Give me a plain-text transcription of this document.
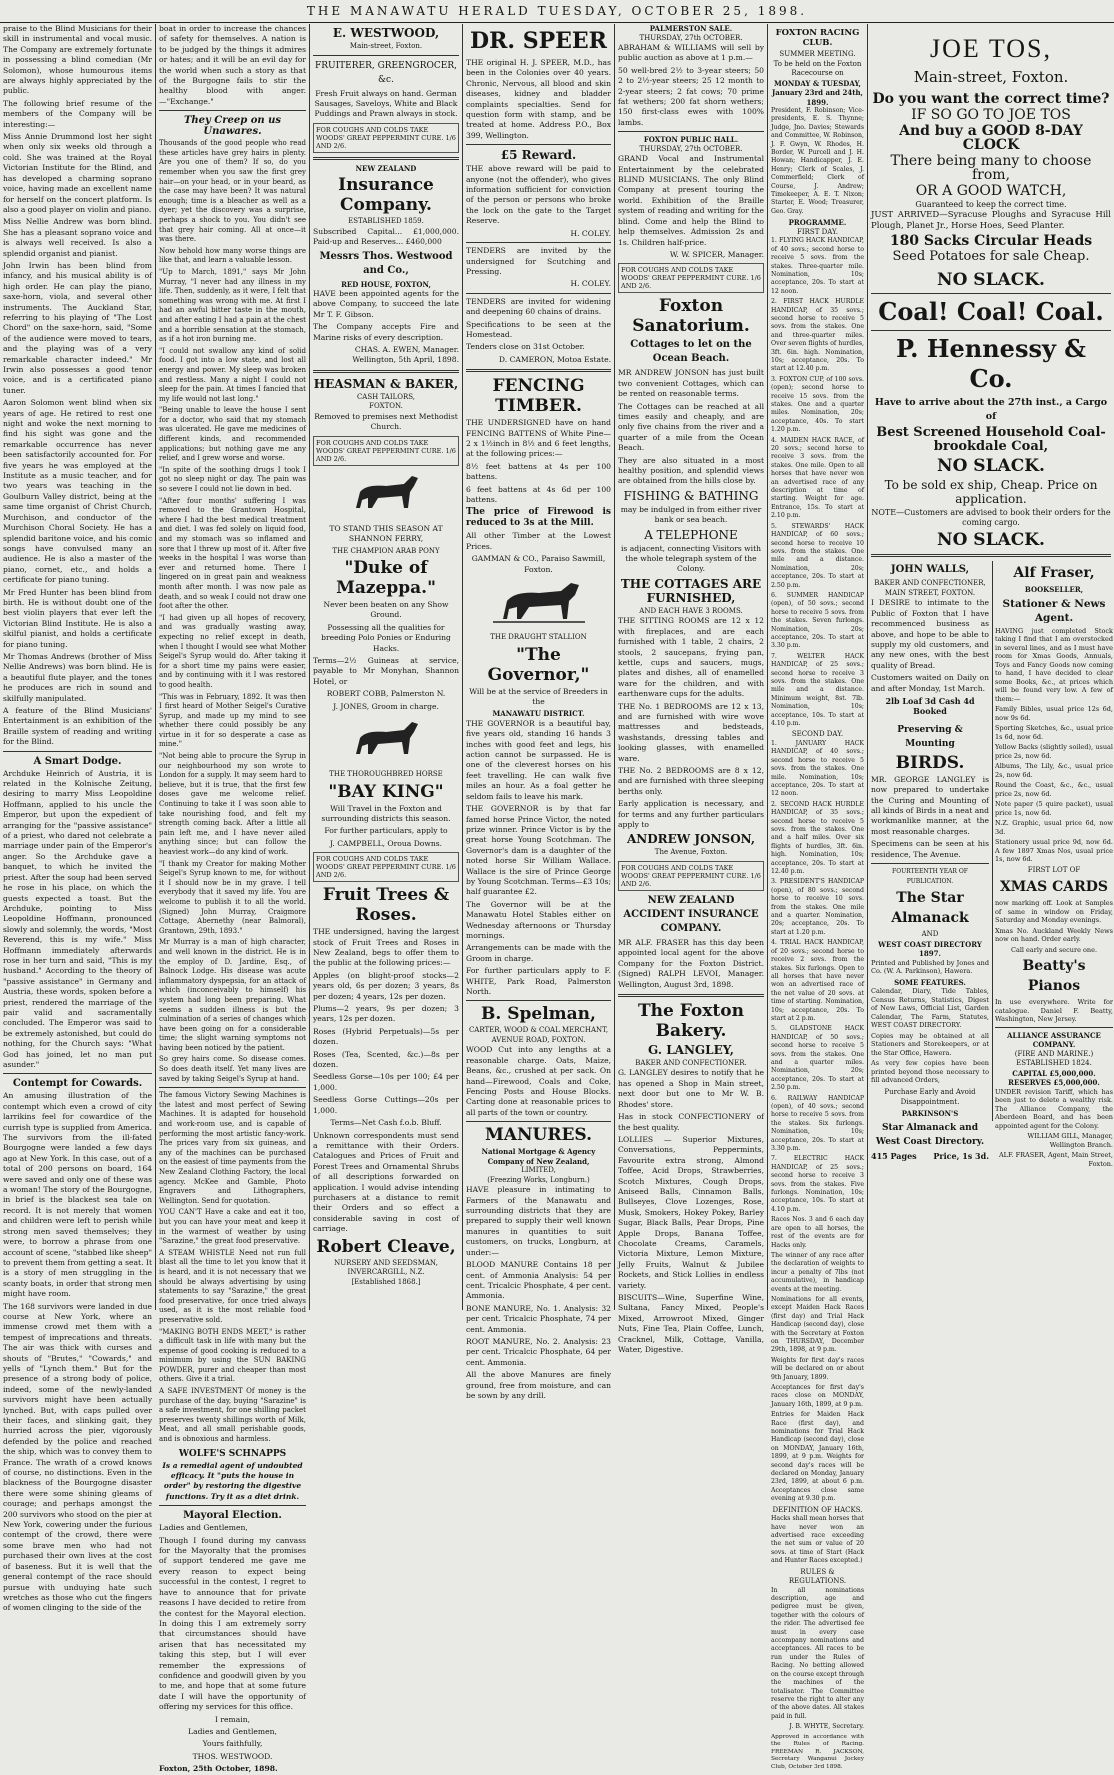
THE MANAWATU HERALD TUESDAY, OCTOBER 25, 1898.

praise to the Blind Musicians for their skill in instrumental and vocal music. The Company are extremely fortunate in possessing a blind comedian (Mr Solomon), whose humourous items are always highly appreciated by the public.

The following brief resume of the members of the Company will be interesting:—

Miss Annie Drummond lost her sight when only six weeks old through a cold. She was trained at the Royal Victorian Institute for the Blind, and has developed a charming soprano voice, having made an excellent name for herself on the concert platform. Is also a good player on violin and piano.

Miss Nellie Andrew was born blind. She has a pleasant soprano voice and is always well received. Is also a splendid organist and pianist.

John Irwin has been blind from infancy, and his musical ability is of high order. He can play the piano, saxe-horn, viola, and several other instruments. The Auckland Star, referring to his playing of "The Lost Chord" on the saxe-horn, said, "Some of the audience were moved to tears, and the playing was of a very remarkable character indeed." Mr Irwin also possesses a good tenor voice, and is a certificated piano tuner.

Aaron Solomon went blind when six years of age. He retired to rest one night and woke the next morning to find his sight was gone and the remarkable occurrence has never been satisfactorily accounted for. For five years he was employed at the Institute as a music teacher, and for two years was teaching in the Goulburn Valley district, being at the same time organist of Christ Church, Murchison, and conductor of the Murchison Choral Society. He has a splendid baritone voice, and his comic songs have convulsed many an audience. He is also a master of the piano, cornet, etc., and holds a certificate for piano tuning.

Mr Fred Hunter has been blind from birth. He is without doubt one of the best violin players that ever left the Victorian Blind Institute. He is also a skilful pianist, and holds a certificate for piano tuning.

Mr Thomas Andrews (brother of Miss Nellie Andrews) was born blind. He is a beautiful flute player, and the tones he produces are rich in sound and skilfully manipulated.

A feature of the Blind Musicians' Entertainment is an exhibition of the Braille system of reading and writing for the Blind.

A Smart Dodge.

Archduke Heinrich of Austria, it is related in the Kolnische Zeitung, desiring to marry Miss Leopoldine Hoffmann, applied to his uncle the Emperor, but upon the expedient of arranging for the "passive assistance" of a priest, who dared not celebrate a marriage under pain of the Emperor's anger. So the Archduke gave a banquet, to which he invited the priest. After the soup had been served he rose in his place, on which the guests expected a toast. But the Archduke, pointing to Miss Leopoldine Hoffmann, pronounced slowly and solemnly, the words, "Most Reverend, this is my wife." Miss Hoffmann immediately afterwards rose in her turn and said, "This is my husband." According to the theory of "passive assistance" in Germany and Austria, these words, spoken before a priest, rendered the marriage of the pair valid and sacramentally concluded. The Emperor was said to be extremely astonished, but could do nothing, for the Church says: "What God has joined, let no man put asunder."

Contempt for Cowards.

An amusing illustration of the contempt which even a crowd of city larrikins feel for cowardice of the currish type is supplied from America. The survivors from the ill-fated Bourgogne were landed a few days ago at New York. In this case, out of a total of 200 persons on board, 164 were saved and only one of these was a woman! The story of the Bourgogne, in brief is the blackest sea tale on record. It is not merely that women and children were left to perish while strong men saved themselves; they were, to borrow a phrase from one account of scene, "stabbed like sheep" to prevent them from getting a seat. It is a story of men struggling in the scanty boats, in order that strong men might have room.

The 168 survivors were landed in due course at New York, where an immense crowd met them with a tempest of imprecations and threats. The air was thick with curses and shouts of "Brutes," "Cowards," and yells of "Lynch them." But for the presence of a strong body of police, indeed, some of the newly-landed survivors might have been actually lynched. But, with caps pulled over their faces, and slinking gait, they hurried across the pier, vigorously defended by the police and reached the ship, which was to convey them to France. The wrath of a crowd knows of course, no distinctions. Even in the blackness of the Bourgogne disaster there were some shining gleams of courage; and perhaps amongst the 200 survivors who stood on the pier at New York, cowering under the furious contempt of the crowd, there were some brave men who had not purchased their own lives at the cost of baseness. But it is well that the general contempt of the race should pursue with unduying hate such wretches as those who cut the fingers of women clinging to the side of the

boat in order to increase the chances of safety for themselves. A nation is to be judged by the things it admires or hates; and it will be an evil day for the world when such a story as that of the Burgogne fails to stir the healthy blood with anger.—"Exchange."

They Creep on us Unawares.

Thousands of the good people who read these articles have grey hairs in plenty. Are you one of them? If so, do you remember when you saw the first grey hair—on your head, or in your beard, as the case may have been? It was natural enough; time is a bleacher as well as a dyer; yet the discovery was a surprise, perhaps a shock to you. You didn't see that grey hair coming. All at once—it was there.

Now behold how many worse things are like that, and learn a valuable lesson.

"Up to March, 1891," says Mr John Murray, "I never had any illness in my life. Then, suddenly, as it were, I felt that something was wrong with me. At first I had an awful bitter taste in the mouth, and after eating I had a pain at the chest and a horrible sensation at the stomach, as if a hot iron burning me.

"I could not swallow any kind of solid food. I got into a low state, and lost all energy and power. My sleep was broken and restless. Many a night I could not sleep for the pain. At times I fancied that my life would not last long."

"Being unable to leave the house I sent for a doctor, who said that my stomach was ulcerated. He gave me medicines of different kinds, and recommended applications; but nothing gave me any relief, and I grew worse and worse.

"In spite of the soothing drugs I took I got no sleep night or day. The pain was so severe I could not lie down in bed.

"After four months' suffering I was removed to the Grantown Hospital, where I had the best medical treatment and diet. I was fed solely on liquid food, and my stomach was so inflamed and sore that I threw up most of it. After five weeks in the hospital I was worse than ever and returned home. There I lingered on in great pain and weakness month after month. I was now pale as death, and so weak I could not draw one foot after the other.

"I had given up all hopes of recovery, and was gradually wasting away, expecting no relief except in death, when I thought I would see what Mother Seigel's Syrup would do. After taking it for a short time my pains were easier, and by continuing with it I was restored to good health.

"This was in February, 1892. It was then I first heard of Mother Seigel's Curative Syrup, and made up my mind to see whether there could possibly be any virtue in it for so desperate a case as mine."

"Not being able to procure the Syrup in our neighbourhood my son wrote to London for a supply. It may seem hard to believe, but it is true, that the first few doses gave me welcome relief. Continuing to take it I was soon able to take nourishing food, and felt my strength coming back. After a little all pain left me, and I have never ailed anything since; but can follow the heaviest work—do any kind of work.

"I thank my Creator for making Mother Seigel's Syrup known to me, for without it I should now be in my grave. I tell everybody that it saved my life. You are welcome to publish it to all the world. (Signed) John Murray, Craigmore Cottage, Abernethy (near Balmoral), Grantown, 29th, 1893."

Mr Murray is a man of high character, and well known in the district. He is in the employ of D. Jardine, Esq., of Balnock Lodge. His disease was acute inflammatory dyspepsia, for an attack of which (inconceivably to himself) his system had long been preparing. What seems a sudden illness is but the culmination of a series of changes which have been going on for a considerable time; the slight warning symptoms not having been noticed by the patient.

So grey hairs come. So disease comes. So does death itself. Yet many lives are saved by taking Seigel's Syrup at hand.

The famous Victory Sewing Machines is the latest and most perfect of Sewing Machines. It is adapted for household and work-room use, and is capable of performing the most artistic fancy-work. The prices vary from six guineas, and any of the machines can be purchased on the easiest of time payments from the New Zealand Clothing Factory, the local agency. McKee and Gamble, Photo Engravers and Lithographers, Wellington. Send for quotation.

YOU CAN'T Have a cake and eat it too, but you can have your meat and keep it in the warmest of weather by using "Sarazine," the great food preservative.

A STEAM WHISTLE Need not run full blast all the time to let you know that it is heard, and it is not necessary that we should be always advertising by using statements to say "Sarazine," the great food preservative, for once tried always used, as it is the most reliable food preservative sold.

"MAKING BOTH ENDS MEET," is rather a difficult task in life with many but the expense of good cooking is reduced to a minimum by using the SUN BAKING POWDER, purer and cheaper than most others. Give it a trial.

A SAFE INVESTMENT Of money is the purchase of the day, buying "Sarazine" is a safe investment, for one shilling packet preserves twenty shillings worth of Milk, Meat, and all small perishable goods, and is obnoxious and harmless.

WOLFE'S SCHNAPPS

Is a remedial agent of undoubted efficacy. It "puts the house in order" by restoring the digestive functions. Try it as a diet drink.

Mayoral Election.

Ladies and Gentlemen,

Though I found during my canvass for the Mayoralty that the promises of support tendered me gave me every reason to expect being successful in the contest, I regret to have to announce that for private reasons I have decided to retire from the contest for the Mayoral election. In doing this I am extremely sorry that circumstances should have arisen that has necessitated my taking this step, but I will ever remember the expressions of confidence and goodwill given by you to me, and hope that at some future date I will have the opportunity of offering my services for this office.

I remain,

Ladies and Gentlemen,

Yours faithfully,

THOS. WESTWOOD.

Foxton, 25th October, 1898.

E. WESTWOOD,
Main-street, Foxton.
FRUITERER, GREENGROCER, &c.

Fresh Fruit always on hand. German Sausages, Saveloys, White and Black Puddings and Prawn always in stock.

FOR COUGHS AND COLDS TAKE WOODS' GREAT PEPPERMINT CURE. 1/6 AND 2/6.
NEW ZEALAND
Insurance Company.
ESTABLISHED 1859.

Subscribed Capital... £1,000,000. Paid-up and Reserves... £460,000

Messrs Thos. Westwood and Co.,
RED HOUSE, FOXTON,

HAVE been appointed agents for the above Company, to succeed the late Mr T. F. Gibson.

The Company accepts Fire and Marine risks of every description.

CHAS. A. EWEN, Manager. Wellington, 5th April, 1898.

HEASMAN & BAKER,
CASH TAILORS,
FOXTON.

Removed to premises next Methodist Church.

FOR COUGHS AND COLDS TAKE WOODS' GREAT PEPPERMINT CURE. 1/6 AND 2/6.

TO STAND THIS SEASON AT SHANNON FERRY,

THE CHAMPION ARAB PONY
"Duke of Mazeppa."

Never been beaten on any Show Ground.

Possessing all the qualities for breeding Polo Ponies or Enduring Hacks.

Terms—2½ Guineas at service, payable to Mr Monyhan, Shannon Hotel, or

ROBERT COBB, Palmerston N.

J. JONES, Groom in charge.

THE THOROUGHBRED HORSE
"BAY KING"

Will Travel in the Foxton and surrounding districts this season.

For further particulars, apply to

J. CAMPBELL, Oroua Downs.

FOR COUGHS AND COLDS TAKE WOODS' GREAT PEPPERMINT CURE. 1/6 AND 2/6.
Fruit Trees & Roses.

THE undersigned, having the largest stock of Fruit Trees and Roses in New Zealand, begs to offer them to the public at the following prices:—

Apples (on blight-proof stocks—2 years old, 6s per dozen; 3 years, 8s per dozen; 4 years, 12s per dozen.

Plums—2 years, 9s per dozen; 3 years, 12s per dozen.

Roses (Hybrid Perpetuals)—5s per dozen.

Roses (Tea, Scented, &c.)—8s per dozen.

Seedless Gorse—10s per 100; £4 per 1,000.

Seedless Gorse Cuttings—20s per 1,000.

Terms—Net Cash f.o.b. Bluff.

Unknown correspondents must send a remittance with their Orders. Catalogues and Prices of Fruit and Forest Trees and Ornamental Shrubs of all descriptions forwarded on application. I would advise intending purchasers at a distance to remit their Orders and so effect a considerable saving in cost of carriage.

Robert Cleave,
NURSERY AND SEEDSMAN,
INVERCARGILL, N.Z.
[Established 1868.]
DR. SPEER

THE original H. J. SPEER, M.D., has been in the Colonies over 40 years. Chronic, Nervous, all blood and skin diseases, kidney and bladder complaints specialties. Send for question form with stamp, and be treated at home. Address P.O., Box 399, Wellington.

£5 Reward.

THE above reward will be paid to anyone (not the offender), who gives information sufficient for conviction of the person or persons who broke the lock on the gate to the Target Reserve.

H. COLEY.

TENDERS are invited by the undersigned for Scutching and Pressing.

H. COLEY.

TENDERS are invited for widening and deepening 60 chains of drains.

Specifications to be seen at the Homestead.

Tenders close on 31st October.

D. CAMERON, Motoa Estate.

FENCING TIMBER.

THE UNDERSIGNED have on hand FENCING BATTENS of White Pine—2 x 1½inch in 8½ and 6 feet lengths, at the following prices:—

8½ feet battens at 4s per 100 battens.

6 feet battens at 4s 6d per 100 battens.

The price of Firewood is reduced to 3s at the Mill.

All other Timber at the Lowest Prices.

GAMMAN & CO., Paraiso Sawmill, Foxton.

THE DRAUGHT STALLION
"The Governor,"

Will be at the service of Breeders in the

MANAWATU DISTRICT.

THE GOVERNOR is a beautiful bay, five years old, standing 16 hands 3 inches with good feet and legs, his action cannot be surpassed. He is one of the cleverest horses on his feet travelling. He can walk five miles an hour. As a foal getter he seldom fails to leave his mark.

THE GOVERNOR is by that far famed horse Prince Victor, the noted prize winner. Prince Victor is by the great horse Young Scotchman. The Governor's dam is a daughter of the noted horse Sir William Wallace. Wallace is the sire of Prince George by Young Scotchman. Terms—£3 10s; half guarantee £2.

The Governor will be at the Manawatu Hotel Stables either on Wednesday afternoons or Thursday mornings.

Arrangements can be made with the Groom in charge.

For further particulars apply to F. WHITE, Park Road, Palmerston North.

B. Spelman,
CARTER, WOOD & COAL MERCHANT,
AVENUE ROAD, FOXTON.

WOOD Cut into any lengths at a reasonable charge. Oats, Maize, Beans, &c., crushed at per sack. On hand—Firewood, Coals and Coke, Fencing Posts and House Blocks. Carting done at reasonable prices to all parts of the town or country.

MANURES.
National Mortgage & Agency Company of New Zealand,
LIMITED,
(Freezing Works, Longburn.)

HAVE pleasure in intimating to Farmers of the Manawatu and surrounding districts that they are prepared to supply their well known manures in quantities to suit customers, on trucks, Longburn, at under:—

BLOOD MANURE Contains 18 per cent. of Ammonia Analysis: 54 per cent. Tricalcic Phosphate, 4 per cent. Ammonia.

BONE MANURE, No. 1. Analysis: 32 per cent. Tricalcic Phosphate, 74 per cent. Ammonia.

ROOT MANURE, No. 2. Analysis: 23 per cent. Tricalcic Phosphate, 64 per cent. Ammonia.

All the above Manures are finely ground, free from moisture, and can be sown by any drill.

PALMERSTON SALE.
THURSDAY, 27th OCTOBER.

ABRAHAM & WILLIAMS will sell by public auction as above at 1 p.m.—

50 well-bred 2½ to 3-year steers; 50 2 to 2½-year steers; 25 12 month to 2-year steers; 2 fat cows; 70 prime fat wethers; 200 fat shorn wethers; 150 first-class ewes with 100% lambs.

FOXTON PUBLIC HALL.
THURSDAY, 27th OCTOBER.

GRAND Vocal and Instrumental Entertainment by the celebrated BLIND MUSICIANS. The only Blind Company at present touring the world. Exhibition of the Braille system of reading and writing for the blind. Come and help the Blind to help themselves. Admission 2s and 1s. Children half-price.

W. W. SPICER, Manager.

FOR COUGHS AND COLDS TAKE WOODS' GREAT PEPPERMINT CURE. 1/6 AND 2/6.
Foxton Sanatorium.
Cottages to let on the Ocean Beach.

MR ANDREW JONSON has just built two convenient Cottages, which can be rented on reasonable terms.

The Cottages can be reached at all times easily and cheaply, and are only five chains from the river and a quarter of a mile from the Ocean Beach.

They are also situated in a most healthy position, and splendid views are obtained from the hills close by.

FISHING & BATHING

may be indulged in from either river bank or sea beach.

A TELEPHONE

is adjacent, connecting Visitors with the whole telegraph system of the Colony.

THE COTTAGES ARE FURNISHED,
AND EACH HAVE 3 ROOMS.

THE SITTING ROOMS are 12 x 12 with fireplaces, and are each furnished with 1 table, 2 chairs, 2 stools, 2 saucepans, frying pan, kettle, cups and saucers, mugs, plates and dishes, all of enamelled ware for the children, and with earthenware cups for the adults.

THE No. 1 BEDROOMS are 12 x 13, and are furnished with wire wove mattresses and bedsteads, washstands, dressing tables and looking glasses, with enamelled ware.

THE No. 2 BEDROOMS are 8 x 12, and are furnished with three sleeping berths only.

Early application is necessary, and for terms and any further particulars apply to

ANDREW JONSON,
The Avenue, Foxton.
FOR COUGHS AND COLDS TAKE WOODS' GREAT PEPPERMINT CURE. 1/6 AND 2/6.
NEW ZEALAND ACCIDENT INSURANCE COMPANY.

MR ALF. FRASER has this day been appointed local agent for the above Company for the Foxton District. (Signed) RALPH LEVOI, Manager. Wellington, August 3rd, 1898.

The Foxton Bakery.
G. LANGLEY,
BAKER AND CONFECTIONER.

G. LANGLEY desires to notify that he has opened a Shop in Main street, next door but one to Mr W. B. Rhodes' store.

Has in stock CONFECTIONERY of the best quality.

LOLLIES — Superior Mixtures, Conversations, Peppermints, Favourite extra strong, Almond Toffee, Acid Drops, Strawberries, Scotch Mixtures, Cough Drops, Aniseed Balls, Cinnamon Balls, Bullseyes, Clove Lozenges, Rose, Musk, Smokers, Hokey Pokey, Barley Sugar, Black Balls, Pear Drops, Pine Apple Drops, Banana Toffee, Chocolate Creams, Caramels, Victoria Mixture, Lemon Mixture, Jelly Fruits, Walnut & Jubilee Rockets, and Stick Lollies in endless variety.

BISCUITS—Wine, Superfine Wine, Sultana, Fancy Mixed, People's Mixed, Arrowroot Mixed, Ginger Nuts, Fine Tea, Plain Coffee, Lunch, Cracknel, Milk, Cottage, Vanilla, Water, Digestive.

FOXTON RACING CLUB.
SUMMER MEETING.
To be held on the Foxton Racecourse on
MONDAY & TUESDAY, January 23rd and 24th, 1899.

President, F. Robinson; Vice-presidents, E. S. Thynne; Judge, Jno. Davies; Stewards and Committee, W. Robinson, J. F. Gwyn, W. Rhodes, H. Border, W. Purcell and J. H. Howan; Handicapper, J. E. Henry; Clerk of Scales, J. Commerfield; Clerk of Course, J. Andrew; Timekeeper, A. E. T. Nixon; Starter, E. Wood; Treasurer, Geo. Gray.

PROGRAMME.
FIRST DAY.

1. FLYING HACK HANDICAP, of 40 sovs.; second horse to receive 5 sovs. from the stakes. Three-quarter mile. Nomination, 10s; acceptance, 20s. To start at 12 noon.

2. FIRST HACK HURDLE HANDICAP, of 35 sovs.; second horse to receive 5 sovs. from the stakes. One and three-quarter miles. Over seven flights of hurdles, 3ft. 6in. high. Nomination, 10s; acceptance, 20s. To start at 12.40 p.m.

3. FOXTON CUP, of 100 sovs. (open); second horse to receive 15 sovs. from the stakes. One and a quarter miles. Nomination, 20s; acceptance, 40s. To start 1.20 p.m.

4. MAIDEN HACK RACE, of 20 sovs.; second horse to receive 3 sovs. from the stakes. One mile. Open to all horses that have never won an advertised race of any description at time of starting. Weight for age. Entrance, 15s. To start at 2.10 p.m.

5. STEWARDS' HACK HANDICAP, of 60 sovs.; second horse to receive 10 sovs. from the stakes. One mile and a distance. Nomination, 20s; acceptance, 20s. To start at 2.50 p.m.

6. SUMMER HANDICAP (open), of 50 sovs.; second horse to receive 5 sovs. from the stakes. Seven furlongs. Nomination, 20s; acceptance, 20s. To start at 3.30 p.m.

7. WELTER HACK HANDICAP, of 25 sovs.; second horse to receive 3 sovs. from the stakes. One mile and a distance. Minimum weight, 8st. 7lb. Nomination, 10s; acceptance, 10s. To start at 4.10 p.m.

SECOND DAY.

1. JANUARY HACK HANDICAP, of 40 sovs.; second horse to receive 5 sovs. from the stakes. One mile. Nomination, 10s; acceptance, 20s. To start at 12 noon.

2. SECOND HACK HURDLE HANDICAP, of 35 sovs.; second horse to receive 5 sovs. from the stakes. One and a half miles. Over six flights of hurdles, 3ft. 6in. high. Nomination, 10s; acceptance, 20s. To start at 12.40 p.m.

3. PRESIDENT'S HANDICAP (open), of 80 sovs.; second horse to receive 10 sovs. from the stakes. One mile and a quarter. Nomination, 20s; acceptance, 20s. To start at 1.20 p.m.

4. TRIAL HACK HANDICAP, of 20 sovs.; second horse to receive 2 sovs. from the stakes. Six furlongs. Open to all horses that have never won an advertised race of the net value of 20 sovs. at time of starting. Nomination, 10s; acceptance, 20s. To start at 2 p.m.

5. GLADSTONE HACK HANDICAP, of 50 sovs.; second horse to receive 5 sovs. from the stakes. One and a quarter miles. Nomination, 20s; acceptance, 20s. To start at 2.50 p.m.

6. RAILWAY HANDICAP (open), of 40 sovs.; second horse to receive 5 sovs. from the stakes. Six furlongs. Nomination, 10s; acceptance, 20s. To start at 3.30 p.m.

7. ELECTRIC HACK HANDICAP, of 25 sovs.; second horse to receive 3 sovs. from the stakes. Five furlongs. Nomination, 10s; acceptance, 10s. To start at 4.10 p.m.

Races Nos. 3 and 6 each day are open to all horses, the rest of the events are for Hacks only.

The winner of any race after the declaration of weights to incur a penalty of 7lbs (not accumulative), in handicap events at the meeting.

Nominations for all events, except Maiden Hack Races (first day) and Trial Hack Handicap (second day), close with the Secretary at Foxton on THURSDAY, December 29th, 1898, at 9 p.m.

Weights for first day's races will be declared on or about 9th January, 1899.

Acceptances for first day's races close on MONDAY, January 16th, 1899, at 9 p.m.

Entries for Maiden Hack Race (first day), and nominations for Trial Hack Handicap (second day), close on MONDAY, January 16th, 1899, at 9 p.m. Weights for second day's races will be declared on Monday, January 23rd, 1899, at about 6 p.m. Acceptances close same evening at 9.30 p.m.

DEFINITION OF HACKS.

Hacks shall mean horses that have never won an advertised race exceeding the net sum or value of 20 sovs. at time of Start (Hack and Hunter Races excepted.)

RULES & REGULATIONS.

In all nominations description, age and pedigree must be given, together with the colours of the rider. The advertised fee must in every case accompany nominations and acceptances. All races to be run under the Rules of Racing. No betting allowed on the course except through the machines of the totalisator. The Committee reserve the right to alter any of the above dates. All stakes paid in full.

J. B. WHYTE, Secretary.

Approved in accordance with the Rules of Racing. FREEMAN R. JACKSON, Secretary Wanganui Jockey Club, October 3rd 1898.

JOE TOS,
Main-street, Foxton.
Do you want the correct time?
IF SO GO TO JOE TOS
And buy a GOOD 8-DAY CLOCK
There being many to choose from,
OR A GOOD WATCH,
Guaranteed to keep the correct time.

JUST ARRIVED—Syracuse Ploughs and Syracuse Hill Plough, Planet Jr., Horse Hoes, Seed Planter.

180 Sacks Circular Heads
Seed Potatoes for sale Cheap.
NO SLACK.
Coal! Coal! Coal.
P. Hennessy & Co.
Have to arrive about the 27th inst., a Cargo of
Best Screened Household Coal-brookdale Coal,
NO SLACK.
To be sold ex ship, Cheap. Price on application.

NOTE—Customers are advised to book their orders for the coming cargo.

NO SLACK.
JOHN WALLS,
BAKER AND CONFECTIONER,
MAIN STREET, FOXTON.

I DESIRE to intimate to the Public of Foxton that I have recommenced business as above, and hope to be able to supply my old customers, and any new ones, with the best quality of Bread.

Customers waited on Daily on and after Monday, 1st March.

2lb Loaf 3d Cash 4d Booked

Preserving & Mounting
BIRDS.

MR. GEORGE LANGLEY is now prepared to undertake the Curing and Mounting of all kinds of Birds in a neat and workmanlike manner, at the most reasonable charges.

Specimens can be seen at his residence, The Avenue.

FOURTEENTH YEAR OF PUBLICATION.
The Star Almanack
AND
WEST COAST DIRECTORY
1897.

Printed and Published by Jones and Co. (W. A. Parkinson), Hawera.

SOME FEATURES.

Calendar, Diary, Tide Tables, Census Returns, Statistics, Digest of New Laws, Official List, Garden Calendar, The Farm, Statutes, WEST COAST DIRECTORY.

Copies may be obtained at all Stationers and Storekeepers, or at the Star Office, Hawera.

As very few copies have been printed beyond those necessary to fill advanced Orders,

Purchase Early and Avoid Disappointment.

PARKINSON'S
Star Almanack and West Coast Directory.
415 Pages Price, 1s 3d.
Alf Fraser,
BOOKSELLER,
Stationer & News Agent.

HAVING just completed Stock taking I find that I am overstocked in several lines, and as I must have room for Xmas Goods, Annuals, Toys and Fancy Goods now coming to hand, I have decided to clear some Books, &c., at prices which will be found very low. A few of them:—

Family Bibles, usual price 12s 6d, now 9s 6d.

Sporting Sketches, &c., usual price 1s 6d, now 6d.

Yellow Backs (slightly soiled), usual price 2s, now 6d.

Albums, The Lily, &c., usual price 2s, now 6d.

Round the Coast, &c., &c., usual price 2s, now 6d.

Note paper (5 quire packet), usual price 1s, now 6d.

N.Z. Graphic, usual price 6d, now 3d.

Stationery usual price 9d, now 6d. A few 1897 Xmas Nos, usual price 1s, now 6d.

FIRST LOT OF
XMAS CARDS

now marking off. Look at Samples of same in window on Friday, Saturday and Monday evenings.

Xmas No. Auckland Weekly News now on hand. Order early.

Call early and secure one.

Beatty's Pianos

In use everywhere. Write for catalogue. Daniel F. Beatty, Washington, New Jersey.

ALLIANCE ASSURANCE COMPANY.
(FIRE AND MARINE.)
ESTABLISHED 1824.
CAPITAL £5,000,000. RESERVES £5,000,000.

UNDER revision Tariff, which has been just to delete a wealthy risk. The Alliance Company, the Aberdeen Board, and has been appointed agent for the Colony.

WILLIAM GILL, Manager, Wellington Branch.

ALF. FRASER, Agent, Main Street, Foxton.
